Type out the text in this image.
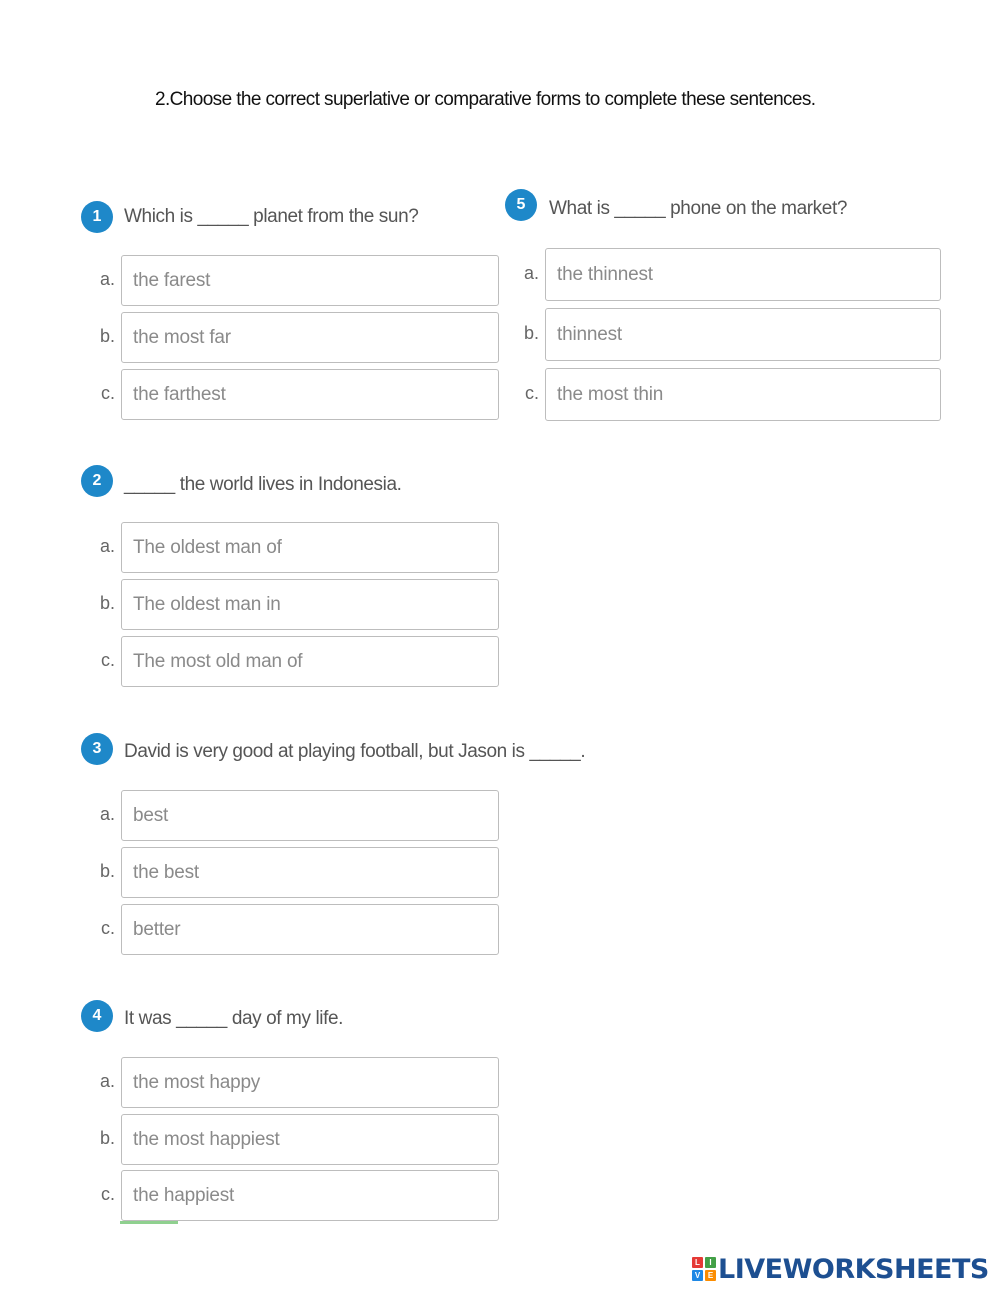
2.Choose the correct superlative or comparative forms to complete these sentences.
1	Which is _____ planet from the sun?
a. the farest
b. the most far
c. the farthest
2	_____ the world lives in Indonesia.
a. The oldest man of
b. The oldest man in
c. The most old man of
3	David is very good at playing football, but Jason is _____.
a. best
b. the best
c. better
4	It was _____ day of my life.
a. the most happy
b. the most happiest
c. the happiest
5	What is _____ phone on the market?
a. the thinnest
b. thinnest
c. the most thin
L	I
V E LIVEWORKSHEETS
